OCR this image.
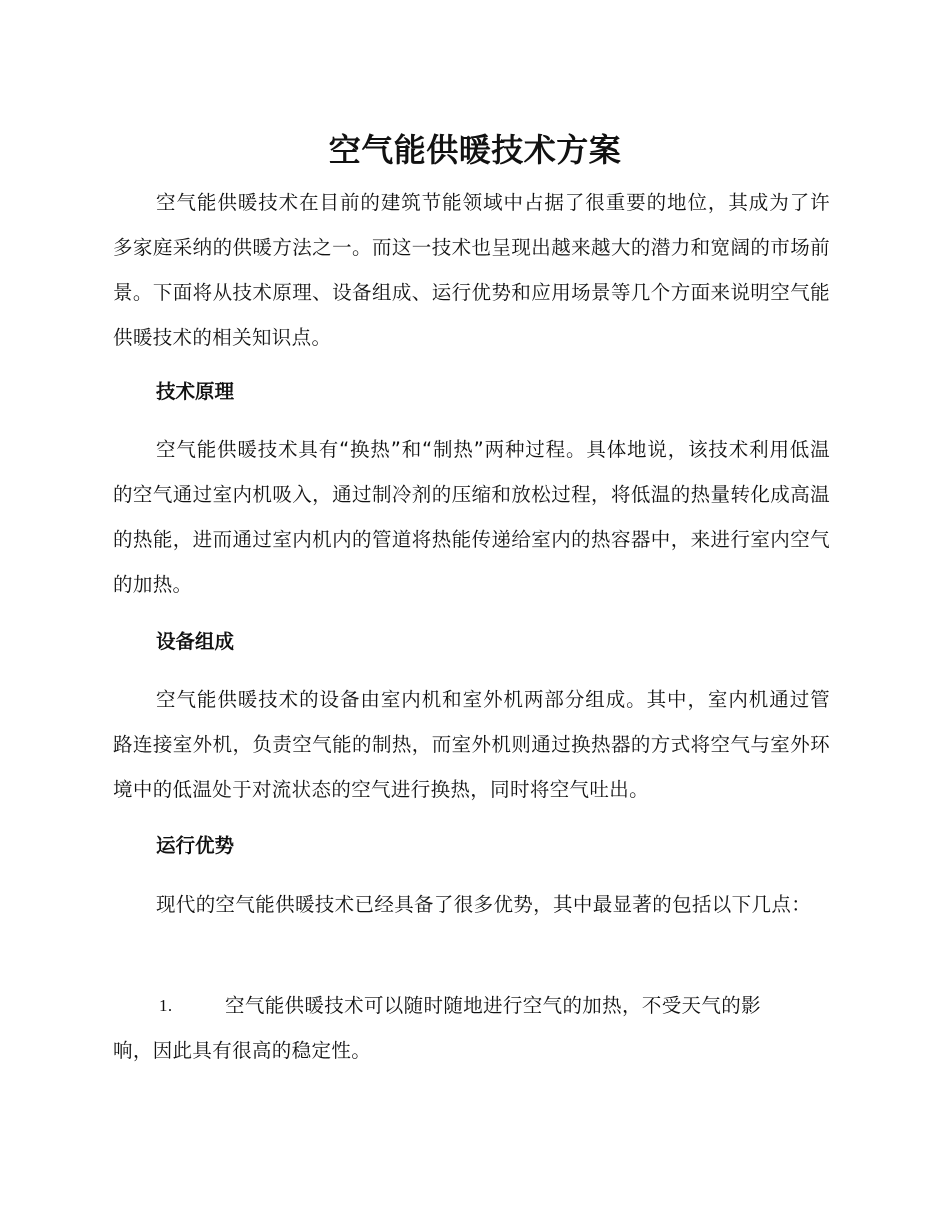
空气能供暖技术方案

空气能供暖技术在目前的建筑节能领域中占据了很重要的地位，其成为了许多家庭采纳的供暖方法之一。而这一技术也呈现出越来越大的潜力和宽阔的市场前景。下面将从技术原理、设备组成、运行优势和应用场景等几个方面来说明空气能供暖技术的相关知识点。

技术原理

空气能供暖技术具有“换热”和“制热”两种过程。具体地说，该技术利用低温的空气通过室内机吸入，通过制冷剂的压缩和放松过程，将低温的热量转化成高温的热能，进而通过室内机内的管道将热能传递给室内的热容器中，来进行室内空气的加热。

设备组成

空气能供暖技术的设备由室内机和室外机两部分组成。其中，室内机通过管路连接室外机，负责空气能的制热，而室外机则通过换热器的方式将空气与室外环境中的低温处于对流状态的空气进行换热，同时将空气吐出。

运行优势

现代的空气能供暖技术已经具备了很多优势，其中最显著的包括以下几点：

1.	空气能供暖技术可以随时随地进行空气的加热，不受天气的影
响，因此具有很高的稳定性。
